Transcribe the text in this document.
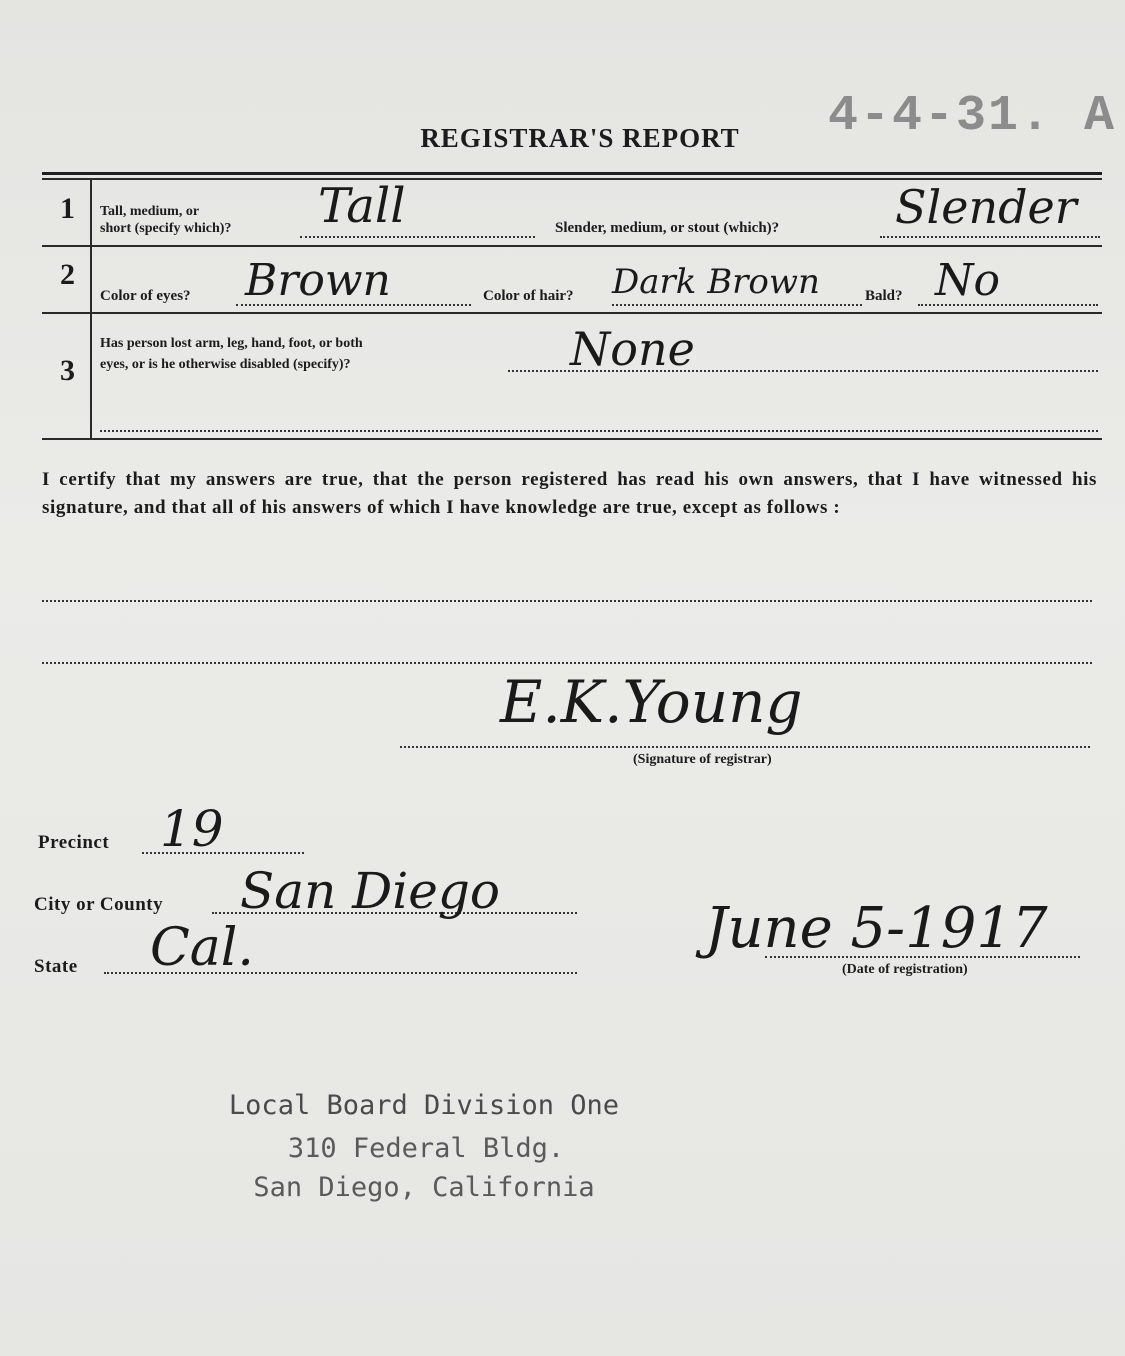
4-4-31. A
REGISTRAR'S REPORT
1 Tall, medium, or
short (specify which)? Tall	Slender, medium, or stout (which)?	Slender
2
Color of eyes? Brown	Color of hair? Dark Brown	Bald? No
3
Has person lost arm, leg, hand, foot, or both
eyes, or is he otherwise disabled (specify)?	None
I certify that my answers are true, that the person registered has read his own answers, that I have witnessed his signature, and that all of his answers of which I have knowledge are true, except as follows :
E.K.Young
(Signature of registrar)
Precinct 19
City or County San Diego
State Cal.	June 5-1917
(Date of registration)
Local Board Division One
310 Federal Bldg.
San Diego, California
